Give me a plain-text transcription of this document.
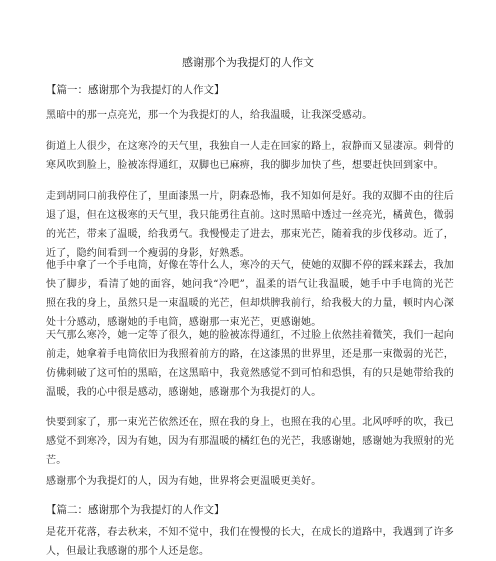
感谢那个为我提灯的人作文
【篇一：感谢那个为我提灯的人作文】

黑暗中的那一点亮光，那一个为我提灯的人，给我温暖，让我深受感动。

街道上人很少，在这寒冷的天气里，我独自一人走在回家的路上，寂静而又显凄凉。刺骨的寒风吹到脸上，脸被冻得通红，双脚也已麻痹，我的脚步加快了些，想要赶快回到家中。

走到胡同口前我停住了，里面漆黑一片，阴森恐怖，我不知如何是好。我的双脚不由的往后退了退，但在这极寒的天气里，我只能勇往直前。这时黑暗中透过一丝亮光，橘黄色，微弱的光芒，带来了温暖，给我勇气。我慢慢走了进去，那束光芒，随着我的步伐移动。近了，近了，隐约间看到一个瘦弱的身影，好熟悉。

他手中拿了一个手电筒，好像在等什么人，寒冷的天气，使她的双脚不停的踩来踩去，我加快了脚步，看清了她的面容，她问我“冷吧”，温柔的语气让我温暖，她手中手电筒的光芒照在我的身上，虽然只是一束温暖的光芒，但却烘脾我前行，给我极大的力量，顿时内心深处十分感动，感谢她的手电筒，感谢那一束光芒，更感谢她。

天气那么寒冷，她一定等了很久，她的脸被冻得通红，不过脸上依然挂着微笑，我们一起向前走，她拿着手电筒依旧为我照着前方的路，在这漆黑的世界里，还是那一束微弱的光芒，仿佛刺破了这可怕的黑暗，在这黑暗中，我竟然感觉不到可怕和恐惧，有的只是她带给我的温暖，我的心中很是感动，感谢她，感谢那个为我提灯的人。

快要到家了，那一束光芒依然还在，照在我的身上，也照在我的心里。北风呼呼的吹，我已感觉不到寒冷，因为有她，因为有那温暖的橘红色的光芒，我感谢她，感谢她为我照射的光芒。

感谢那个为我提灯的人，因为有她，世界将会更温暖更美好。

【篇二：感谢那个为我提灯的人作文】

是花开花落，春去秋来，不知不觉中，我们在慢慢的长大，在成长的道路中，我遇到了许多人，但最让我感谢的那个人还是您。
